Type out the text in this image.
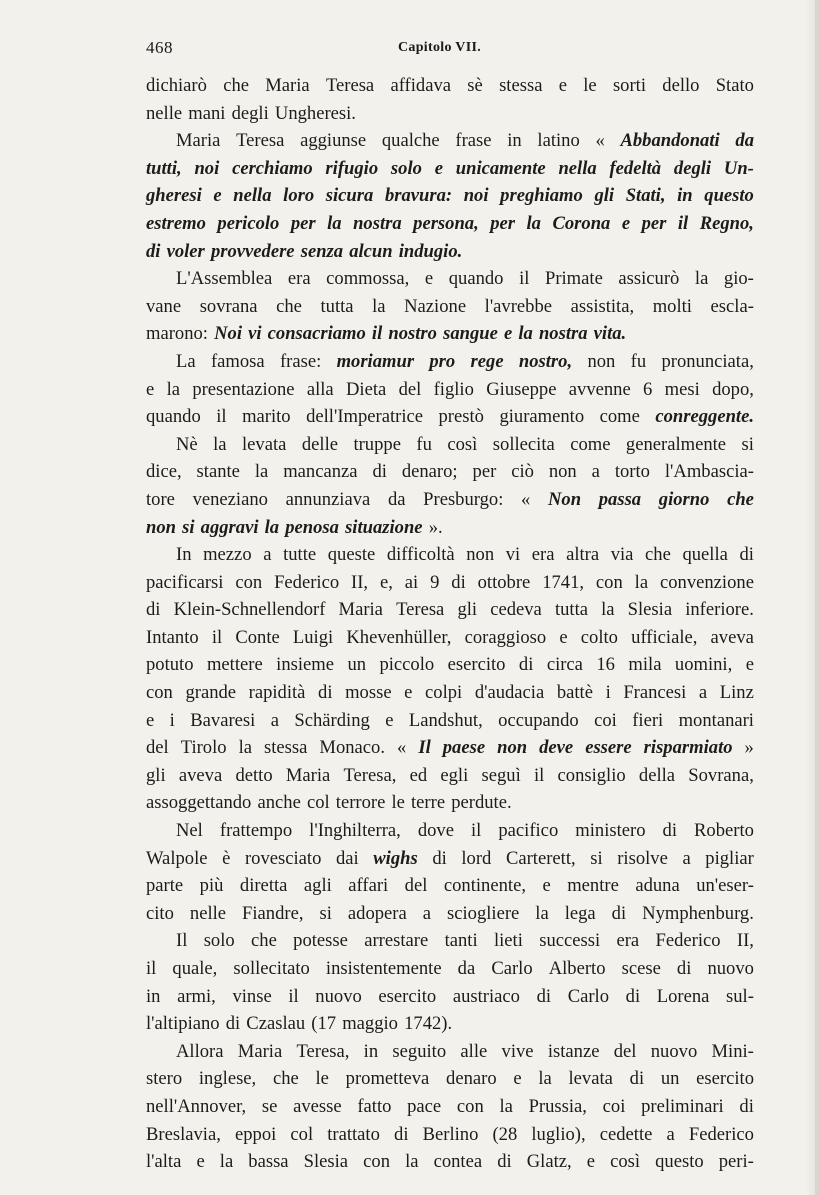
468	Capitolo VII.
dichiarò che Maria Teresa affidava sè stessa e le sorti dello Stato
nelle mani degli Ungheresi.
Maria Teresa aggiunse qualche frase in latino « Abbandonati da
tutti, noi cerchiamo rifugio solo e unicamente nella fedeltà degli Un-
gheresi e nella loro sicura bravura: noi preghiamo gli Stati, in questo
estremo pericolo per la nostra persona, per la Corona e per il Regno,
di voler provvedere senza alcun indugio.
L'Assemblea era commossa, e quando il Primate assicurò la gio-
vane sovrana che tutta la Nazione l'avrebbe assistita, molti escla-
marono: Noi vi consacriamo il nostro sangue e la nostra vita.
La famosa frase: moriamur pro rege nostro, non fu pronunciata,
e la presentazione alla Dieta del figlio Giuseppe avvenne 6 mesi dopo,
quando il marito dell'Imperatrice prestò giuramento come conreggente.
Nè la levata delle truppe fu così sollecita come generalmente si
dice, stante la mancanza di denaro; per ciò non a torto l'Ambascia-
tore veneziano annunziava da Presburgo: « Non passa giorno che
non si aggravi la penosa situazione ».
In mezzo a tutte queste difficoltà non vi era altra via che quella di
pacificarsi con Federico II, e, ai 9 di ottobre 1741, con la convenzione
di Klein-Schnellendorf Maria Teresa gli cedeva tutta la Slesia inferiore.
Intanto il Conte Luigi Khevenhüller, coraggioso e colto ufficiale, aveva
potuto mettere insieme un piccolo esercito di circa 16 mila uomini, e
con grande rapidità di mosse e colpi d'audacia battè i Francesi a Linz
e i Bavaresi a Schärding e Landshut, occupando coi fieri montanari
del Tirolo la stessa Monaco. « Il paese non deve essere risparmiato »
gli aveva detto Maria Teresa, ed egli seguì il consiglio della Sovrana,
assoggettando anche col terrore le terre perdute.
Nel frattempo l'Inghilterra, dove il pacifico ministero di Roberto
Walpole è rovesciato dai wighs di lord Carterett, si risolve a pigliar
parte più diretta agli affari del continente, e mentre aduna un'eser-
cito nelle Fiandre, si adopera a sciogliere la lega di Nymphenburg.
Il solo che potesse arrestare tanti lieti successi era Federico II,
il quale, sollecitato insistentemente da Carlo Alberto scese di nuovo
in armi, vinse il nuovo esercito austriaco di Carlo di Lorena sul-
l'altipiano di Czaslau (17 maggio 1742).
Allora Maria Teresa, in seguito alle vive istanze del nuovo Mini-
stero inglese, che le prometteva denaro e la levata di un esercito
nell'Annover, se avesse fatto pace con la Prussia, coi preliminari di
Breslavia, eppoi col trattato di Berlino (28 luglio), cedette a Federico
l'alta e la bassa Slesia con la contea di Glatz, e così questo peri-
